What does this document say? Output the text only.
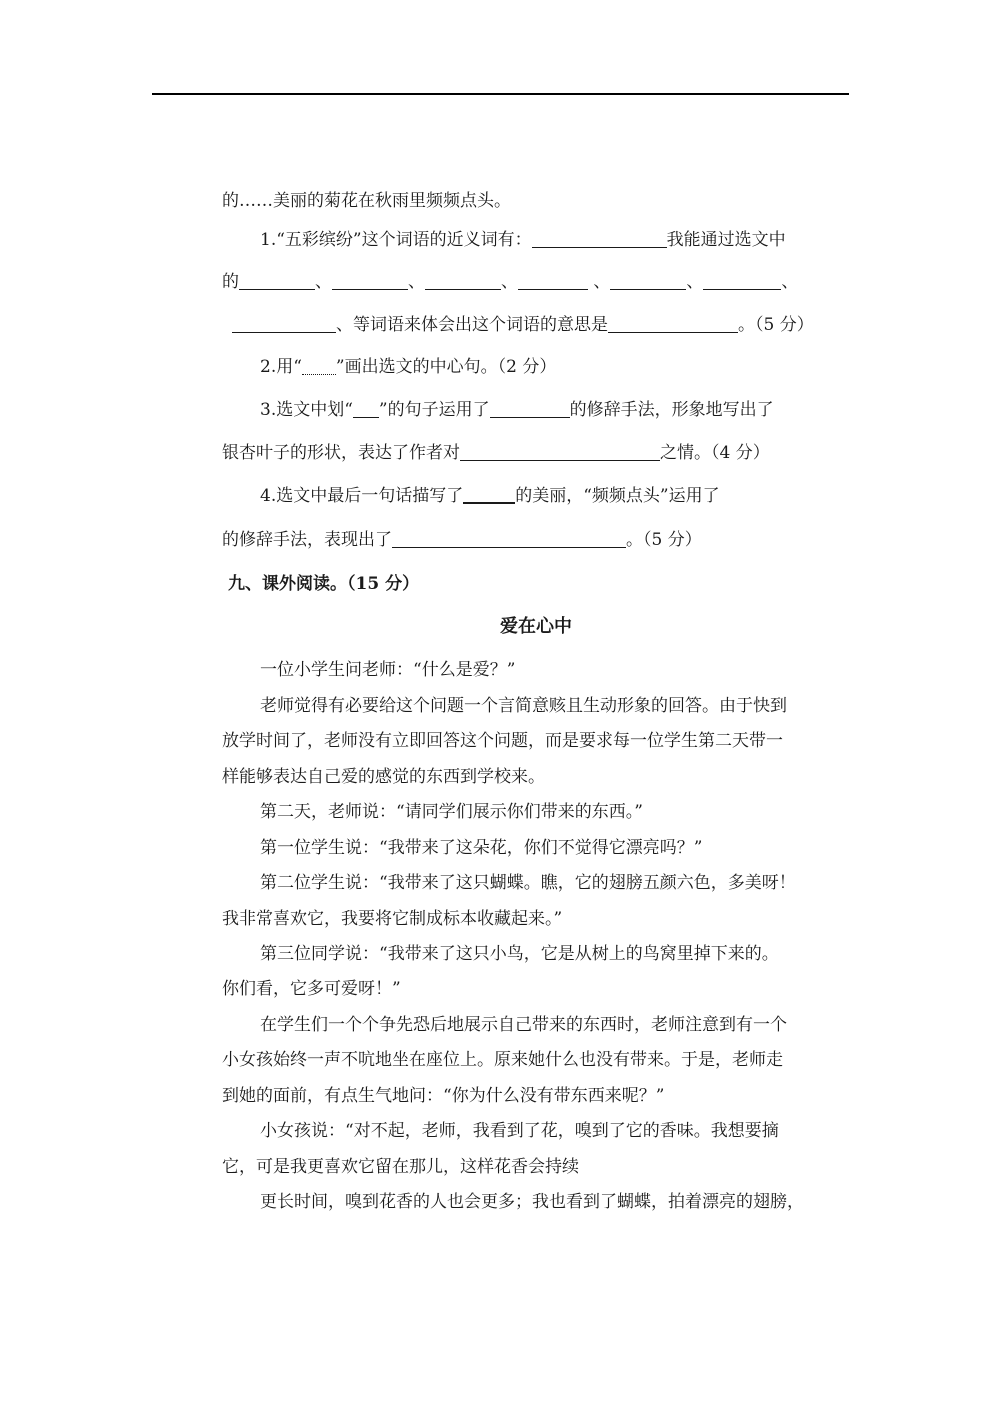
的……美丽的菊花在秋雨里频频点头。
1.“五彩缤纷”这个词语的近义词有：	我能通过选文中
的	、	、	、	、	、	、
、等词语来体会出这个词语的意思是	。（5 分）
2.用“ ”画出选文的中心句。（2 分）
3.选文中划“ ”的句子运用了	的修辞手法，形象地写出了
银杏叶子的形状，表达了作者对	之情。（4 分）
4.选文中最后一句话描写了	的美丽，“频频点头”运用了
的修辞手法，表现出了	。（5 分）
九、课外阅读。（15 分）
爱在心中
一位小学生问老师：“什么是爱？”
老师觉得有必要给这个问题一个言简意赅且生动形象的回答。由于快到
放学时间了，老师没有立即回答这个问题，而是要求每一位学生第二天带一
样能够表达自己爱的感觉的东西到学校来。
第二天，老师说：“请同学们展示你们带来的东西。”
第一位学生说：“我带来了这朵花，你们不觉得它漂亮吗？”
第二位学生说：“我带来了这只蝴蝶。瞧，它的翅膀五颜六色，多美呀！
我非常喜欢它，我要将它制成标本收藏起来。”
第三位同学说：“我带来了这只小鸟，它是从树上的鸟窝里掉下来的。
你们看，它多可爱呀！”
在学生们一个个争先恐后地展示自己带来的东西时，老师注意到有一个
小女孩始终一声不吭地坐在座位上。原来她什么也没有带来。于是，老师走
到她的面前，有点生气地问：“你为什么没有带东西来呢？”
小女孩说：“对不起，老师，我看到了花，嗅到了它的香味。我想要摘
它，可是我更喜欢它留在那儿，这样花香会持续
更长时间，嗅到花香的人也会更多；我也看到了蝴蝶，拍着漂亮的翅膀，
